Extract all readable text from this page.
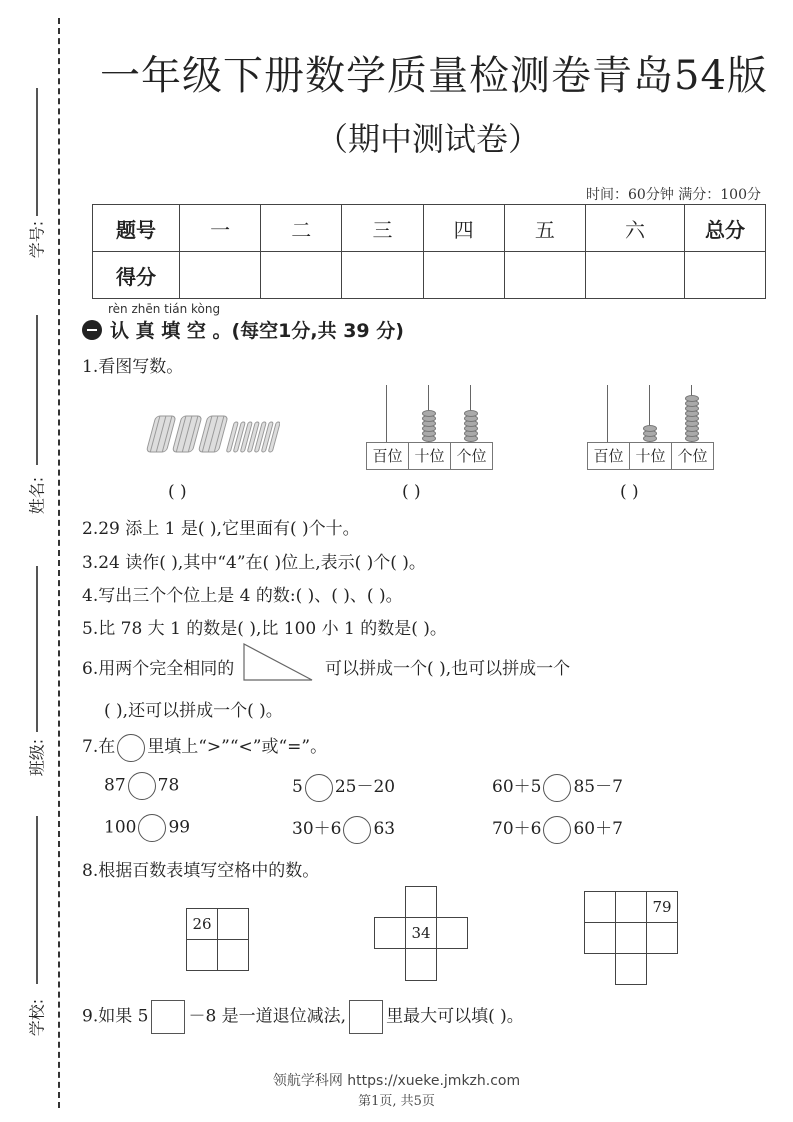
学号:
姓名:
班级:
学校:
一年级下册数学质量检测卷青岛54版
（期中测试卷）
时间：60分钟 满分：100分
题号	一	二	三	四	五	六	总分
得分							
rèn zhēn tián kòng
认 真 填 空 。(每空1分,共 39 分)
1.看图写数。
百位 十位 个位	百位 十位 个位
( )	( )	( )
2.29 添上 1 是( ),它里面有( )个十。
3.24 读作( ),其中“4”在( )位上,表示( )个( )。
4.写出三个个位上是 4 的数:( )、( )、( )。
5.比 78 大 1 的数是( ),比 100 小 1 的数是( )。
6.用两个完全相同的	可以拼成一个( ),也可以拼成一个
( ),还可以拼成一个( )。
7.在 里填上“>”“<”或“=”。
87 78	5 25－20	60＋5 85－7
100 99	30＋6 63	70＋6 60＋7
8.根据百数表填写空格中的数。
26	34
79
9.如果 5 －8 是一道退位减法, 里最大可以填( )。
领航学科网 https://xueke.jmkzh.com
第1页, 共5页
